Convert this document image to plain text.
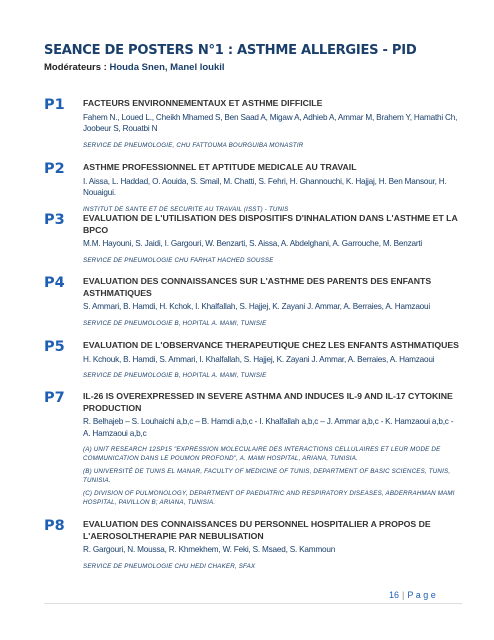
SEANCE DE POSTERS N°1 : ASTHME ALLERGIES - PID
Modérateurs : Houda Snen, Manel loukil
P1	FACTEURS ENVIRONNEMENTAUX ET ASTHME DIFFICILE
Fahem N., Loued L., Cheikh Mhamed S, Ben Saad A, Migaw A, Adhieb A, Ammar M, Brahem Y, Hamathi Ch, Joobeur S, Rouatbi N
SERVICE DE PNEUMOLOGIE, CHU FATTOUMA BOURGUIBA MONASTIR
P2	ASTHME PROFESSIONNEL ET APTITUDE MEDICALE AU TRAVAIL
I. Aissa, L. Haddad, O. Aouida, S. Smail, M. Chatti, S. Fehri, H. Ghannouchi, K. Hajjaj, H. Ben Mansour, H. Nouaigui.
INSTITUT DE SANTE ET DE SECURITE AU TRAVAIL (ISST) - TUNIS
P3	EVALUATION DE L'UTILISATION DES DISPOSITIFS D'INHALATION DANS L'ASTHME ET LA BPCO
M.M. Hayouni, S. Jaidi, I. Gargouri, W. Benzarti, S. Aissa, A. Abdelghani, A. Garrouche, M. Benzarti
SERVICE DE PNEUMOLOGIE CHU FARHAT HACHED SOUSSE
P4	EVALUATION DES CONNAISSANCES SUR L'ASTHME DES PARENTS DES ENFANTS ASTHMATIQUES
S. Ammari, B. Hamdi, H. Kchok, I. Khalfallah, S. Hajjej, K. Zayani J. Ammar, A. Berraies, A. Hamzaoui
SERVICE DE PNEUMOLOGIE B, HOPITAL A. MAMI, TUNISIE
P5	EVALUATION DE L'OBSERVANCE THERAPEUTIQUE CHEZ LES ENFANTS ASTHMATIQUES
H. Kchouk, B. Hamdi, S. Ammari, I. Khalfallah, S. Hajjej, K. Zayani J. Ammar, A. Berraies, A. Hamzaoui
SERVICE DE PNEUMOLOGIE B, HOPITAL A. MAMI, TUNISIE
P7	IL-26 IS OVEREXPRESSED IN SEVERE ASTHMA AND INDUCES IL-9 AND IL-17 CYTOKINE PRODUCTION
R. Belhajeb – S. Louhaichi a,b,c – B. Hamdi a,b,c - I. Khalfallah a,b,c – J. Ammar a,b,c - K. Hamzaoui a,b,c - A. Hamzaoui a,b,c
(A) UNIT RESEARCH 12SP15 "EXPRESSION MOLECULAIRE DES INTERACTIONS CELLULAIRES ET LEUR MODE DE COMMUNICATION DANS LE POUMON PROFOND", A. MAMI HOSPITAL, ARIANA, TUNISIA.
(B) UNIVERSITÉ DE TUNIS EL MANAR, FACULTY OF MEDICINE OF TUNIS, DEPARTMENT OF BASIC SCIENCES, TUNIS, TUNISIA.
(C) DIVISION OF PULMONOLOGY, DEPARTMENT OF PAEDIATRIC AND RESPIRATORY DISEASES, ABDERRAHMAN MAMI HOSPITAL, PAVILLON B; ARIANA, TUNISIA.
P8	EVALUATION DES CONNAISSANCES DU PERSONNEL HOSPITALIER A PROPOS DE L'AEROSOLTHERAPIE PAR NEBULISATION
R. Gargouri, N. Moussa, R. Khmekhem, W. Feki, S. Msaed, S. Kammoun
SERVICE DE PNEUMOLOGIE CHU HEDI CHAKER, SFAX
16 | P a g e
